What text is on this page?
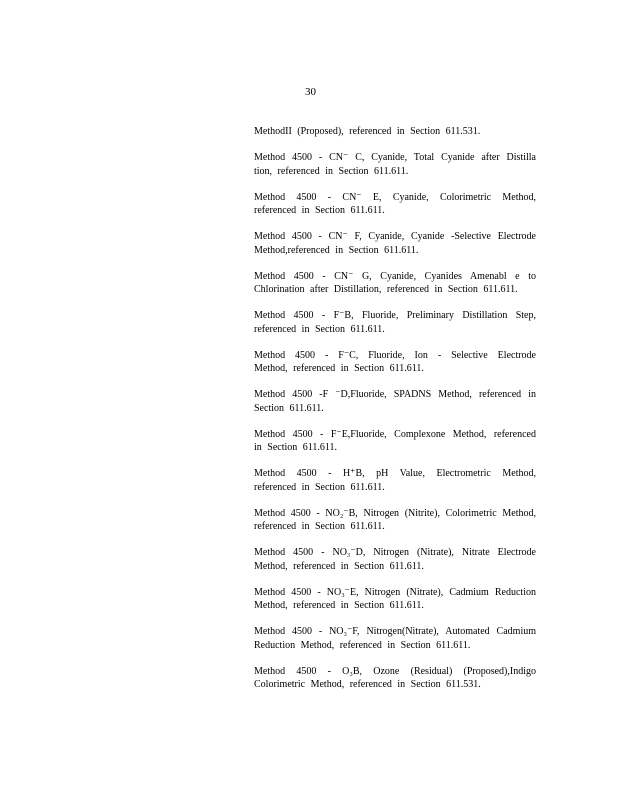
30

MethodII (Proposed), referenced in Section 611.531.

Method 4500 - CN⁻ C, Cyanide, Total Cyanide after Distilla tion, referenced in Section 611.611.

Method 4500 - CN⁻ E, Cyanide, Colorimetric Method, referenced in Section 611.611.

Method 4500 - CN⁻ F, Cyanide, Cyanide -Selective Electrode Method,referenced in Section 611.611.

Method 4500 - CN⁻ G, Cyanide, Cyanides Amenabl e to Chlorination after Distillation, referenced in Section 611.611.

Method 4500 - F⁻B, Fluoride, Preliminary Distillation Step, referenced in Section 611.611.

Method 4500 - F⁻C, Fluoride, Ion - Selective Electrode Method, referenced in Section 611.611.

Method 4500 -F ⁻D,Fluoride, SPADNS Method, referenced in Section 611.611.

Method 4500 - F⁻E,Fluoride, Complexone Method, referenced in Section 611.611.

Method 4500 - H⁺B, pH Value, Electrometric Method, referenced in Section 611.611.

Method 4500 - NO₂⁻B, Nitrogen (Nitrite), Colorimetric Method, referenced in Section 611.611.

Method 4500 - NO₃⁻D, Nitrogen (Nitrate), Nitrate Electrode Method, referenced in Section 611.611.

Method 4500 - NO₃⁻E, Nitrogen (Nitrate), Cadmium Reduction Method, referenced in Section 611.611.

Method 4500 - NO₃⁻F, Nitrogen(Nitrate), Automated Cadmium Reduction Method, referenced in Section 611.611.

Method 4500 - O₃B, Ozone (Residual) (Proposed),Indigo Colorimetric Method, referenced in Section 611.531.
